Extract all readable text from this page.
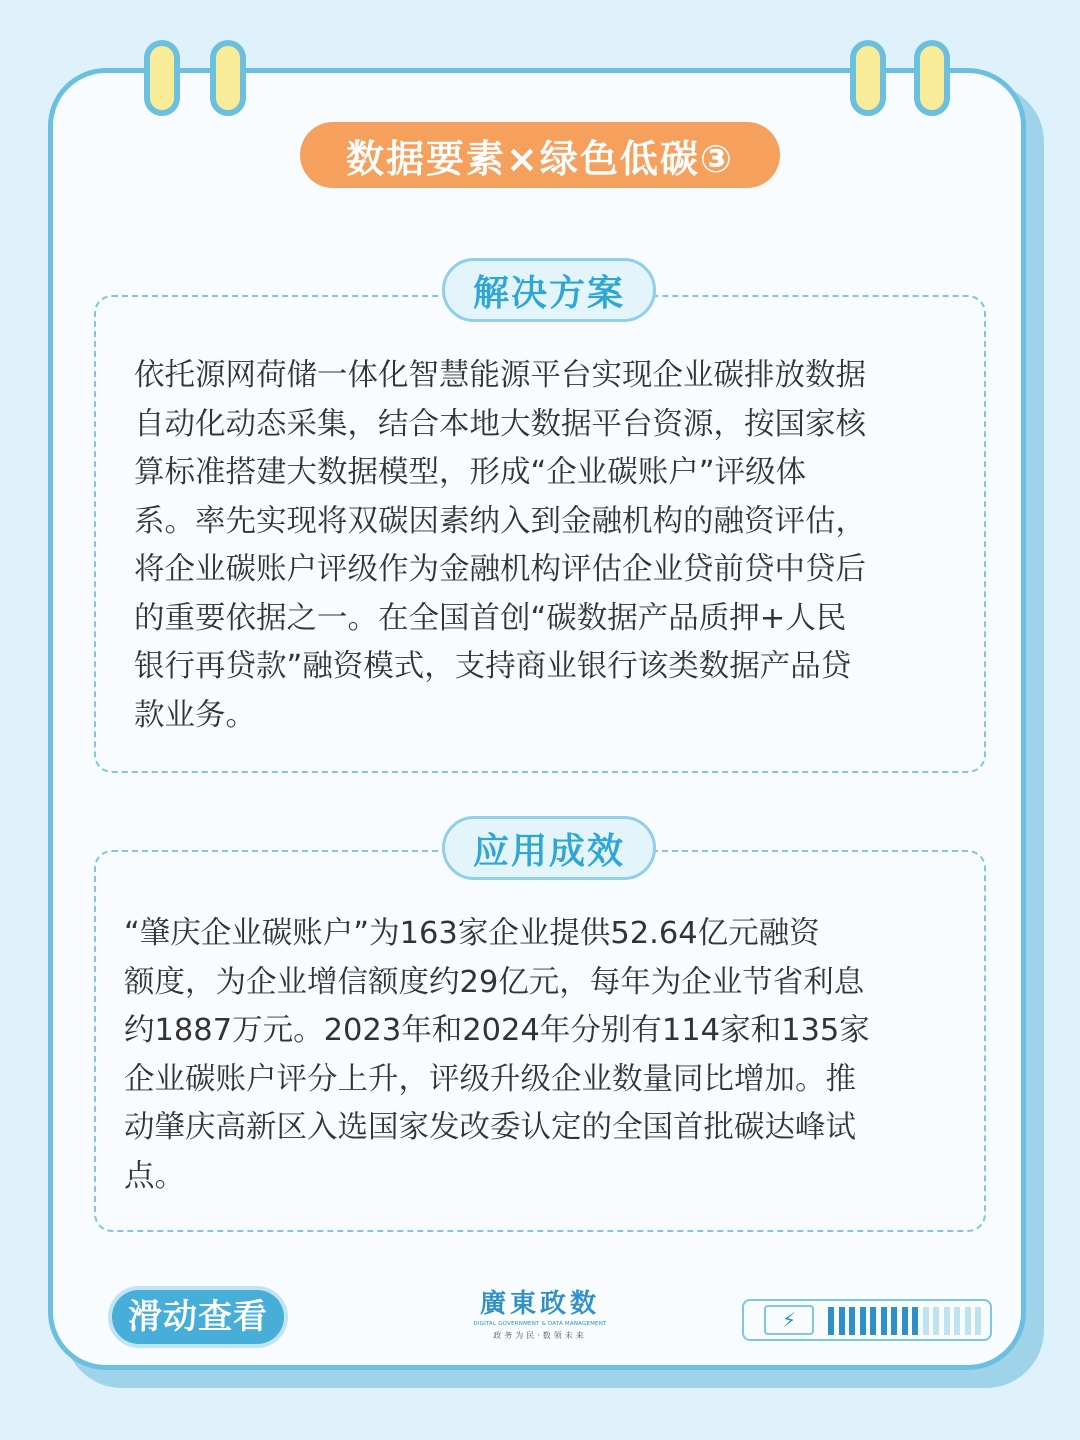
数据要素×绿色低碳③
解决方案
依托源网荷储一体化智慧能源平台实现企业碳排放数据
自动化动态采集，结合本地大数据平台资源，按国家核
算标准搭建大数据模型，形成“企业碳账户”评级体
系。率先实现将双碳因素纳入到金融机构的融资评估，
将企业碳账户评级作为金融机构评估企业贷前贷中贷后
的重要依据之一。在全国首创“碳数据产品质押+人民
银行再贷款”融资模式，支持商业银行该类数据产品贷
款业务。
应用成效
“肇庆企业碳账户”为163家企业提供52.64亿元融资
额度，为企业增信额度约29亿元，每年为企业节省利息
约1887万元。2023年和2024年分别有114家和135家
企业碳账户评分上升，评级升级企业数量同比增加。推
动肇庆高新区入选国家发改委认定的全国首批碳达峰试
点。
滑动查看	廣東政数
DIGITAL GOVERNMENT & DATA MANAGEMENT
政务为民·数领未来
⚡
